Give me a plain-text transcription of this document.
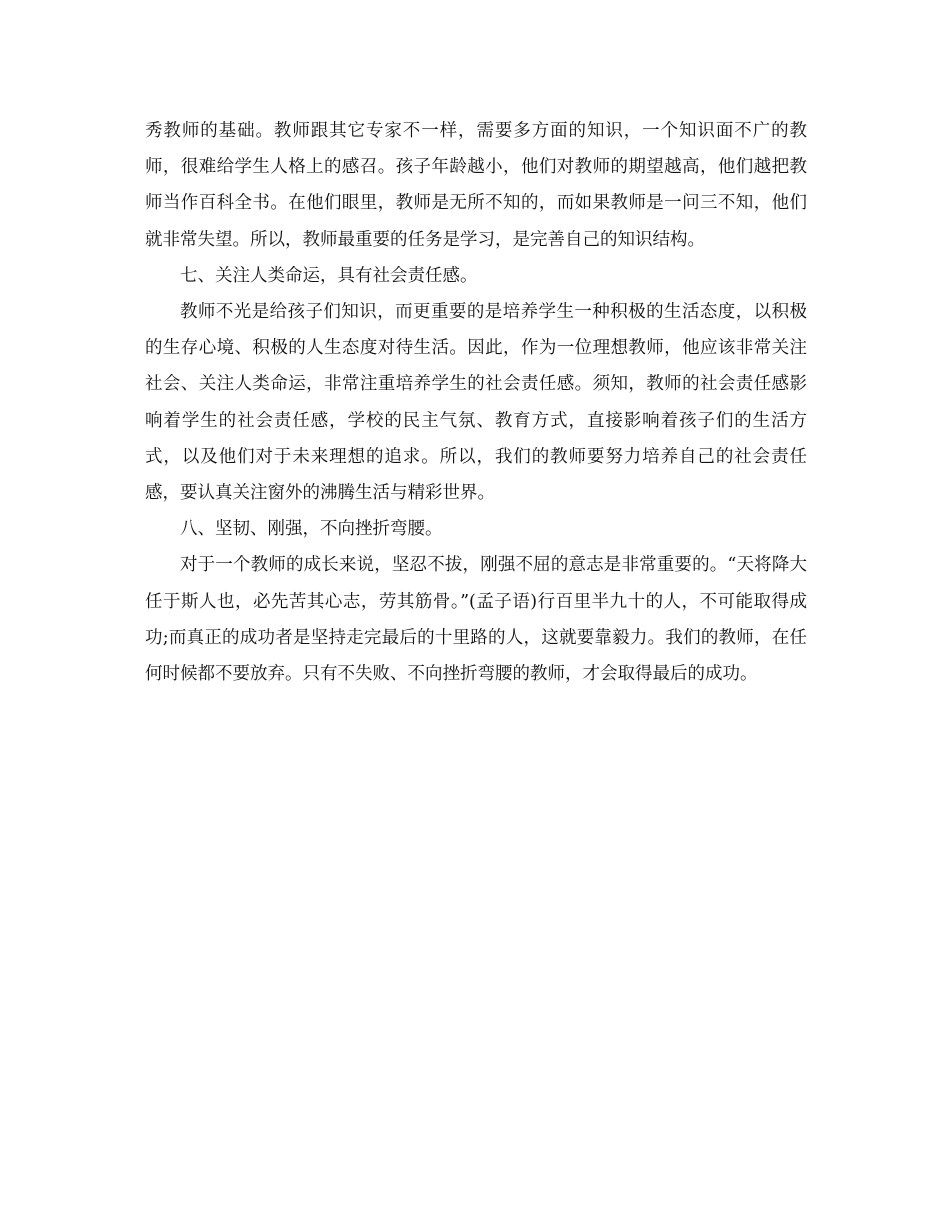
秀教师的基础。教师跟其它专家不一样，需要多方面的知识，一个知识面不广的教师，很难给学生人格上的感召。孩子年龄越小，他们对教师的期望越高，他们越把教师当作百科全书。在他们眼里，教师是无所不知的，而如果教师是一问三不知，他们就非常失望。所以，教师最重要的任务是学习，是完善自己的知识结构。

七、关注人类命运，具有社会责任感。

教师不光是给孩子们知识，而更重要的是培养学生一种积极的生活态度，以积极的生存心境、积极的人生态度对待生活。因此，作为一位理想教师，他应该非常关注社会、关注人类命运，非常注重培养学生的社会责任感。须知，教师的社会责任感影响着学生的社会责任感，学校的民主气氛、教育方式，直接影响着孩子们的生活方式，以及他们对于未来理想的追求。所以，我们的教师要努力培养自己的社会责任感，要认真关注窗外的沸腾生活与精彩世界。

八、坚韧、刚强，不向挫折弯腰。

对于一个教师的成长来说，坚忍不拔，刚强不屈的意志是非常重要的。“天将降大任于斯人也，必先苦其心志，劳其筋骨。”(孟子语)行百里半九十的人，不可能取得成功;而真正的成功者是坚持走完最后的十里路的人，这就要靠毅力。我们的教师，在任何时候都不要放弃。只有不失败、不向挫折弯腰的教师，才会取得最后的成功。
